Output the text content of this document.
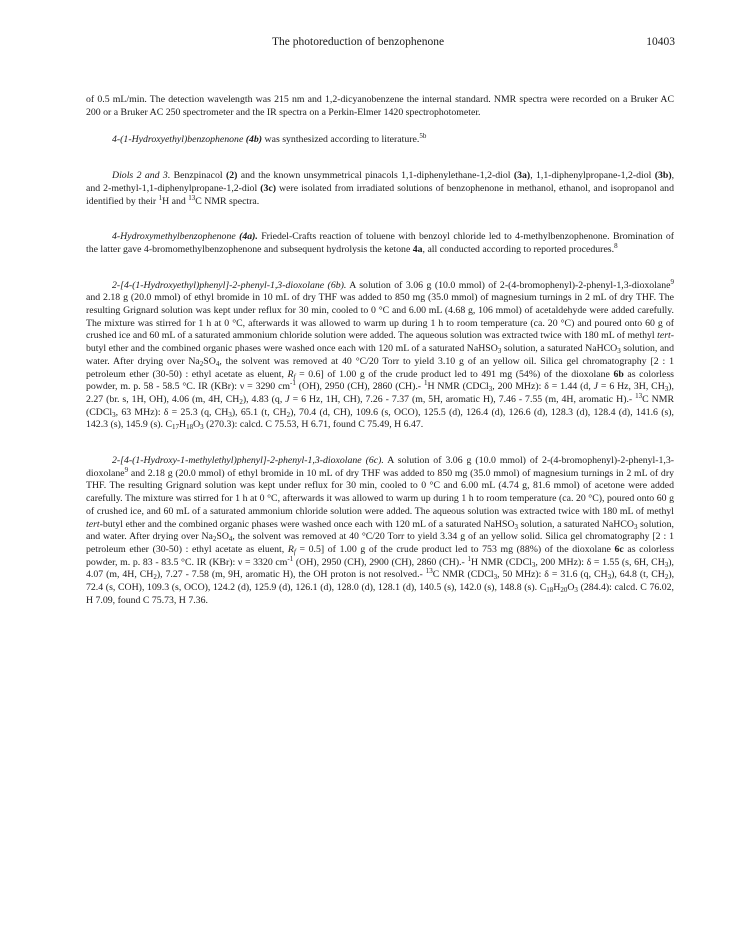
The photoreduction of benzophenone	10403

of 0.5 mL/min. The detection wavelength was 215 nm and 1,2-dicyanobenzene the internal standard. NMR spectra were recorded on a Bruker AC 200 or a Bruker AC 250 spectrometer and the IR spectra on a Perkin-Elmer 1420 spectrophotometer.

4-(1-Hydroxyethyl)benzophenone (4b) was synthesized according to literature.$^{5b}$

Diols 2 and 3. Benzpinacol (2) and the known unsymmetrical pinacols 1,1-diphenylethane-1,2-diol (3a), 1,1-diphenylpropane-1,2-diol (3b), and 2-methyl-1,1-diphenylpropane-1,2-diol (3c) were isolated from irradiated solutions of benzophenone in methanol, ethanol, and isopropanol and identified by their $^1$H and $^{13}$C NMR spectra.

4-Hydroxymethylbenzophenone (4a). Friedel-Crafts reaction of toluene with benzoyl chloride led to 4-methylbenzophenone. Bromination of the latter gave 4-bromomethylbenzophenone and subsequent hydrolysis the ketone 4a, all conducted according to reported procedures.$^8$

2-[4-(1-Hydroxyethyl)phenyl]-2-phenyl-1,3-dioxolane (6b). A solution of 3.06 g (10.0 mmol) of 2-(4-bromophenyl)-2-phenyl-1,3-dioxolane$^9$ and 2.18 g (20.0 mmol) of ethyl bromide in 10 mL of dry THF was added to 850 mg (35.0 mmol) of magnesium turnings in 2 mL of dry THF. The resulting Grignard solution was kept under reflux for 30 min, cooled to 0 °C and 6.00 mL (4.68 g, 106 mmol) of acetaldehyde were added carefully. The mixture was stirred for 1 h at 0 °C, afterwards it was allowed to warm up during 1 h to room temperature (ca. 20 °C) and poured onto 60 g of crushed ice and 60 mL of a saturated ammonium chloride solution were added. The aqueous solution was extracted twice with 180 mL of methyl tert-butyl ether and the combined organic phases were washed once each with 120 mL of a saturated NaHSO$_3$ solution, a saturated NaHCO$_3$ solution, and water. After drying over $Na_2SO_4$, the solvent was removed at 40 °C/20 Torr to yield 3.10 g of an yellow oil. Silica gel chromatography [2 : 1 petroleum ether (30-50) : ethyl acetate as eluent, $R_f = 0.6$] of 1.00 g of the crude product led to 491 mg (54%) of the dioxolane 6b as colorless powder, m. p. 58 - 58.5 °C. IR (KBr): ν = 3290 $cm^{-1}$ (OH), 2950 (CH), 2860 (CH).- $^1$H NMR (CDCl$_3$, 200 MHz): δ = 1.44 (d, J = 6 Hz, 3H, $CH_3$), 2.27 (br. s, 1H, OH), 4.06 (m, 4H, $CH_2$), 4.83 (q, J = 6 Hz, 1H, CH), 7.26 - 7.37 (m, 5H, aromatic H), 7.46 - 7.55 (m, 4H, aromatic H).- $^{13}$C NMR (CDCl$_3$, 63 MHz): δ = 25.3 (q, $CH_3$), 65.1 (t, $CH_2$), 70.4 (d, CH), 109.6 (s, OCO), 125.5 (d), 126.4 (d), 126.6 (d), 128.3 (d), 128.4 (d), 141.6 (s), 142.3 (s), 145.9 (s). $C_{17}H_{18}O_3$ (270.3): calcd. C 75.53, H 6.71, found C 75.49, H 6.47.

2-[4-(1-Hydroxy-1-methylethyl)phenyl]-2-phenyl-1,3-dioxolane (6c). A solution of 3.06 g (10.0 mmol) of 2-(4-bromophenyl)-2-phenyl-1,3-dioxolane$^9$ and 2.18 g (20.0 mmol) of ethyl bromide in 10 mL of dry THF was added to 850 mg (35.0 mmol) of magnesium turnings in 2 mL of dry THF. The resulting Grignard solution was kept under reflux for 30 min, cooled to 0 °C and 6.00 mL (4.74 g, 81.6 mmol) of acetone were added carefully. The mixture was stirred for 1 h at 0 °C, afterwards it was allowed to warm up during 1 h to room temperature (ca. 20 °C), poured onto 60 g of crushed ice, and 60 mL of a saturated ammonium chloride solution were added. The aqueous solution was extracted twice with 180 mL of methyl tert-butyl ether and the combined organic phases were washed once each with 120 mL of a saturated NaHSO$_3$ solution, a saturated NaHCO$_3$ solution, and water. After drying over $Na_2SO_4$, the solvent was removed at 40 °C/20 Torr to yield 3.34 g of an yellow solid. Silica gel chromatography [2 : 1 petroleum ether (30-50) : ethyl acetate as eluent, $R_f = 0.5$] of 1.00 g of the crude product led to 753 mg (88%) of the dioxolane 6c as colorless powder, m. p. 83 - 83.5 °C. IR (KBr): ν = 3320 $cm^{-1}$ (OH), 2950 (CH), 2900 (CH), 2860 (CH).- $^1$H NMR (CDCl$_3$, 200 MHz): δ = 1.55 (s, 6H, $CH_3$), 4.07 (m, 4H, $CH_2$), 7.27 - 7.58 (m, 9H, aromatic H), the OH proton is not resolved.- $^{13}$C NMR (CDCl$_3$, 50 MHz): δ = 31.6 (q, $CH_3$), 64.8 (t, $CH_2$), 72.4 (s, COH), 109.3 (s, OCO), 124.2 (d), 125.9 (d), 126.1 (d), 128.0 (d), 128.1 (d), 140.5 (s), 142.0 (s), 148.8 (s). $C_{18}H_{20}O_3$ (284.4): calcd. C 76.02, H 7.09, found C 75.73, H 7.36.
